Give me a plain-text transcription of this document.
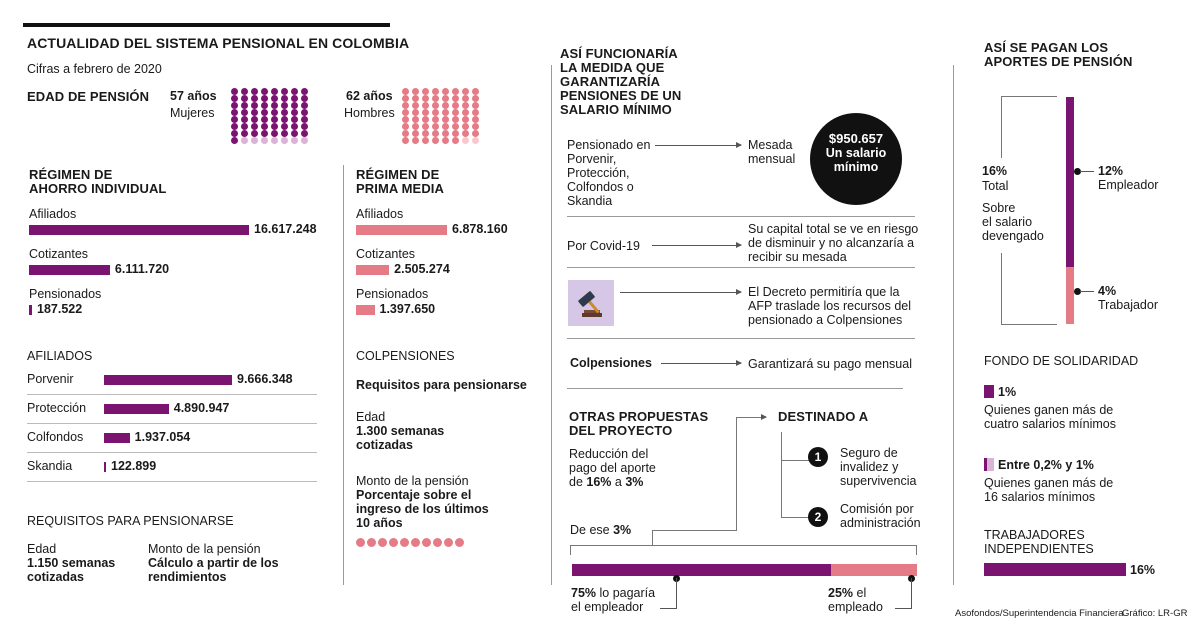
ACTUALIDAD DEL SISTEMA PENSIONAL EN COLOMBIA
Cifras a febrero de 2020
EDAD DE PENSIÓN 57 años
Mujeres
62 años
Hombres
RÉGIMEN DE
AHORRO INDIVIDUAL
Afiliados
16.617.248
Cotizantes
6.111.720
Pensionados
187.522
RÉGIMEN DE
PRIMA MEDIA
Afiliados
6.878.160
Cotizantes
2.505.274
Pensionados
1.397.650
AFILIADOS
Porvenir	9.666.348
Protección	4.890.947
Colfondos	1.937.054
Skandia	122.899
REQUISITOS PARA PENSIONARSE
Edad
1.150 semanas
cotizadas
Monto de la pensión
Cálculo a partir de los
rendimientos
COLPENSIONES
Requisitos para pensionarse
Edad
1.300 semanas
cotizadas
Monto de la pensión
Porcentaje sobre el
ingreso de los últimos
10 años
ASÍ FUNCIONARÍA
LA MEDIDA QUE
GARANTIZARÍA
PENSIONES DE UN
SALARIO MÍNIMO
Pensionado en
Porvenir,
Protección,
Colfondos o
Skandia
Mesada
mensual
$950.657
Un salario
mínimo
Por Covid-19
Su capital total se ve en riesgo
de disminuir y no alcanzaría a
recibir su mesada
El Decreto permitiría que la
AFP traslade los recursos del
pensionado a Colpensiones
Colpensiones	Garantizará su pago mensual
OTRAS PROPUESTAS
DEL PROYECTO
Reducción del
pago del aporte
de 16% a 3%
DESTINADO A
1	Seguro de
invalidez y
supervivencia
2
Comisión por
administración
De ese 3%
75% lo pagaría
el empleador
25% el
empleado
ASÍ SE PAGAN LOS
APORTES DE PENSIÓN
16%
Total
Sobre
el salario
devengado
12%
Empleador
4%
Trabajador
FONDO DE SOLIDARIDAD
1%
Quienes ganen más de
cuatro salarios mínimos
Entre 0,2% y 1%
Quienes ganen más de
16 salarios mínimos
TRABAJADORES
INDEPENDIENTES
16%
Asofondos/Superintendencia Financiera
Gráfico: LR-GR
